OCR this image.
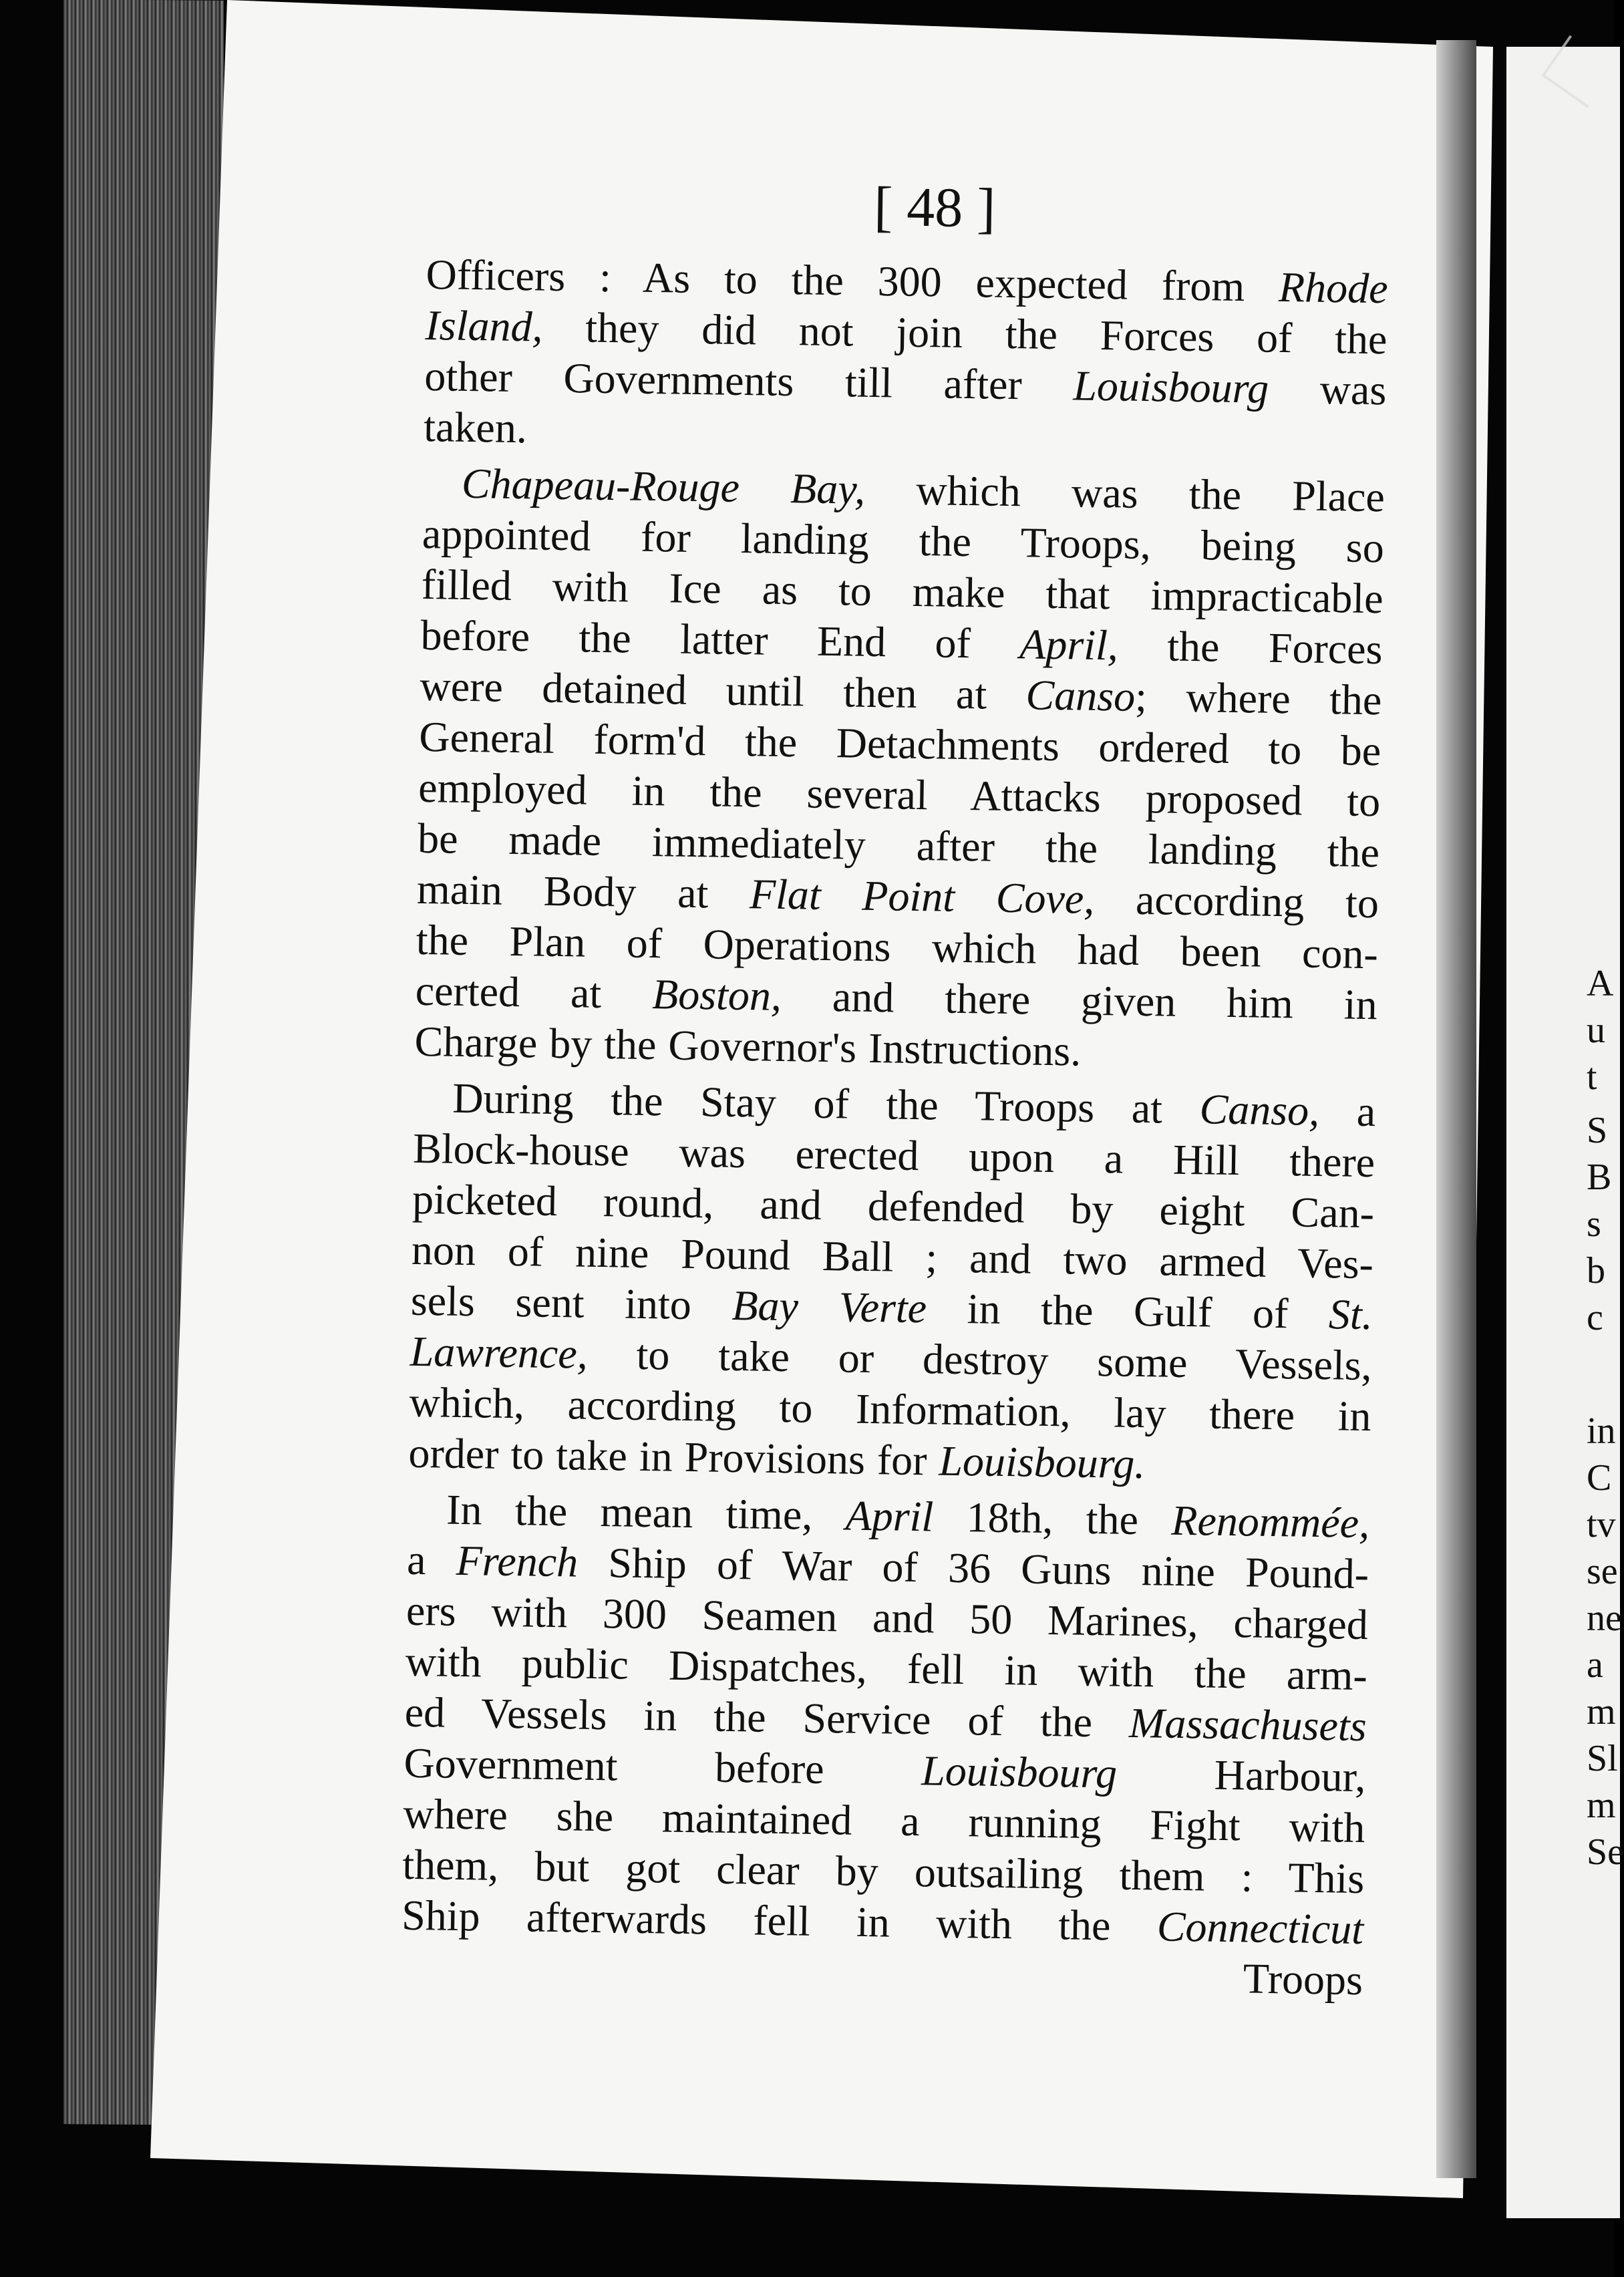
A
u
t
S
B
s
b
c
in
C
tv
se
ne
a
m
Sl
m
Se
[ 48 ]
Officers : As to the 300 expected from Rhode
Island, they did not join the Forces of the
other Governments till after Louisbourg was
taken.
Chapeau-Rouge Bay, which was the Place
appointed for landing the Troops, being so
filled with Ice as to make that impracticable
before the latter End of April, the Forces
were detained until then at Canso; where the
General form'd the Detachments ordered to be
employed in the several Attacks proposed to
be made immediately after the landing the
main Body at Flat Point Cove, according to
the Plan of Operations which had been con-
certed at Boston, and there given him in
Charge by the Governor's Instructions.
During the Stay of the Troops at Canso, a
Block-house was erected upon a Hill there
picketed round, and defended by eight Can-
non of nine Pound Ball ; and two armed Ves-
sels sent into Bay Verte in the Gulf of St.
Lawrence, to take or destroy some Vessels,
which, according to Information, lay there in
order to take in Provisions for Louisbourg.
In the mean time, April 18th, the Renommée,
a French Ship of War of 36 Guns nine Pound-
ers with 300 Seamen and 50 Marines, charged
with public Dispatches, fell in with the arm-
ed Vessels in the Service of the Massachusets
Government before Louisbourg Harbour,
where she maintained a running Fight with
them, but got clear by outsailing them : This
Ship afterwards fell in with the Connecticut
Troops
